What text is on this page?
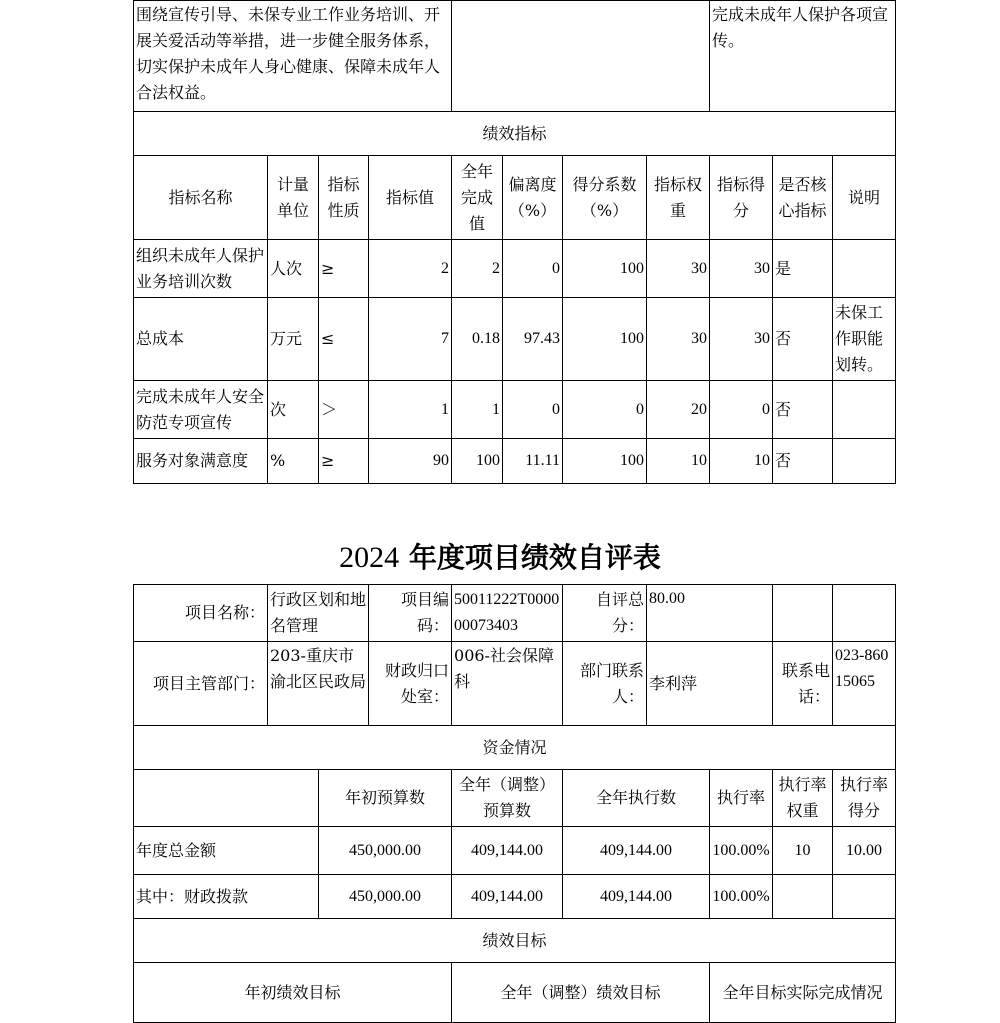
围绕宣传引导、未保专业工作业务培训、开展关爱活动等举措，进一步健全服务体系，切实保护未成年人身心健康、保障未成年人合法权益。								完成未成年人保护各项宣传。		
绩效指标										
指标名称	计量单位	指标性质	指标值	全年完成值	偏离度（%）	得分系数（%）	指标权重	指标得分	是否核心指标	说明
组织未成年人保护业务培训次数	人次	≥	2	2	0	100	30	30	是	
总成本	万元	≤	7	0.18	97.43	100	30	30	否	未保工作职能划转。
完成未成年人安全防范专项宣传	次	＞	1	1	0	0	20	0	否	
服务对象满意度	%	≥	90	100	11.11	100	10	10	否	
2024 年度项目绩效自评表
项目名称：	行政区划和地名管理		项目编码：	50011222T000000073403	自评总分：	80.00			
项目主管部门：	203-重庆市渝北区民政局		财政归口处室：	006-社会保障科	部门联系人：	李利萍		联系电话：	023-86015065
资金情况									
		年初预算数		全年（调整）预算数	全年执行数		执行率	执行率权重	执行率得分
年度总金额		450,000.00		409,144.00	409,144.00		100.00%	10	10.00
其中：财政拨款		450,000.00		409,144.00	409,144.00		100.00%		
绩效目标									
年初绩效目标				全年（调整）绩效目标			全年目标实际完成情况		
